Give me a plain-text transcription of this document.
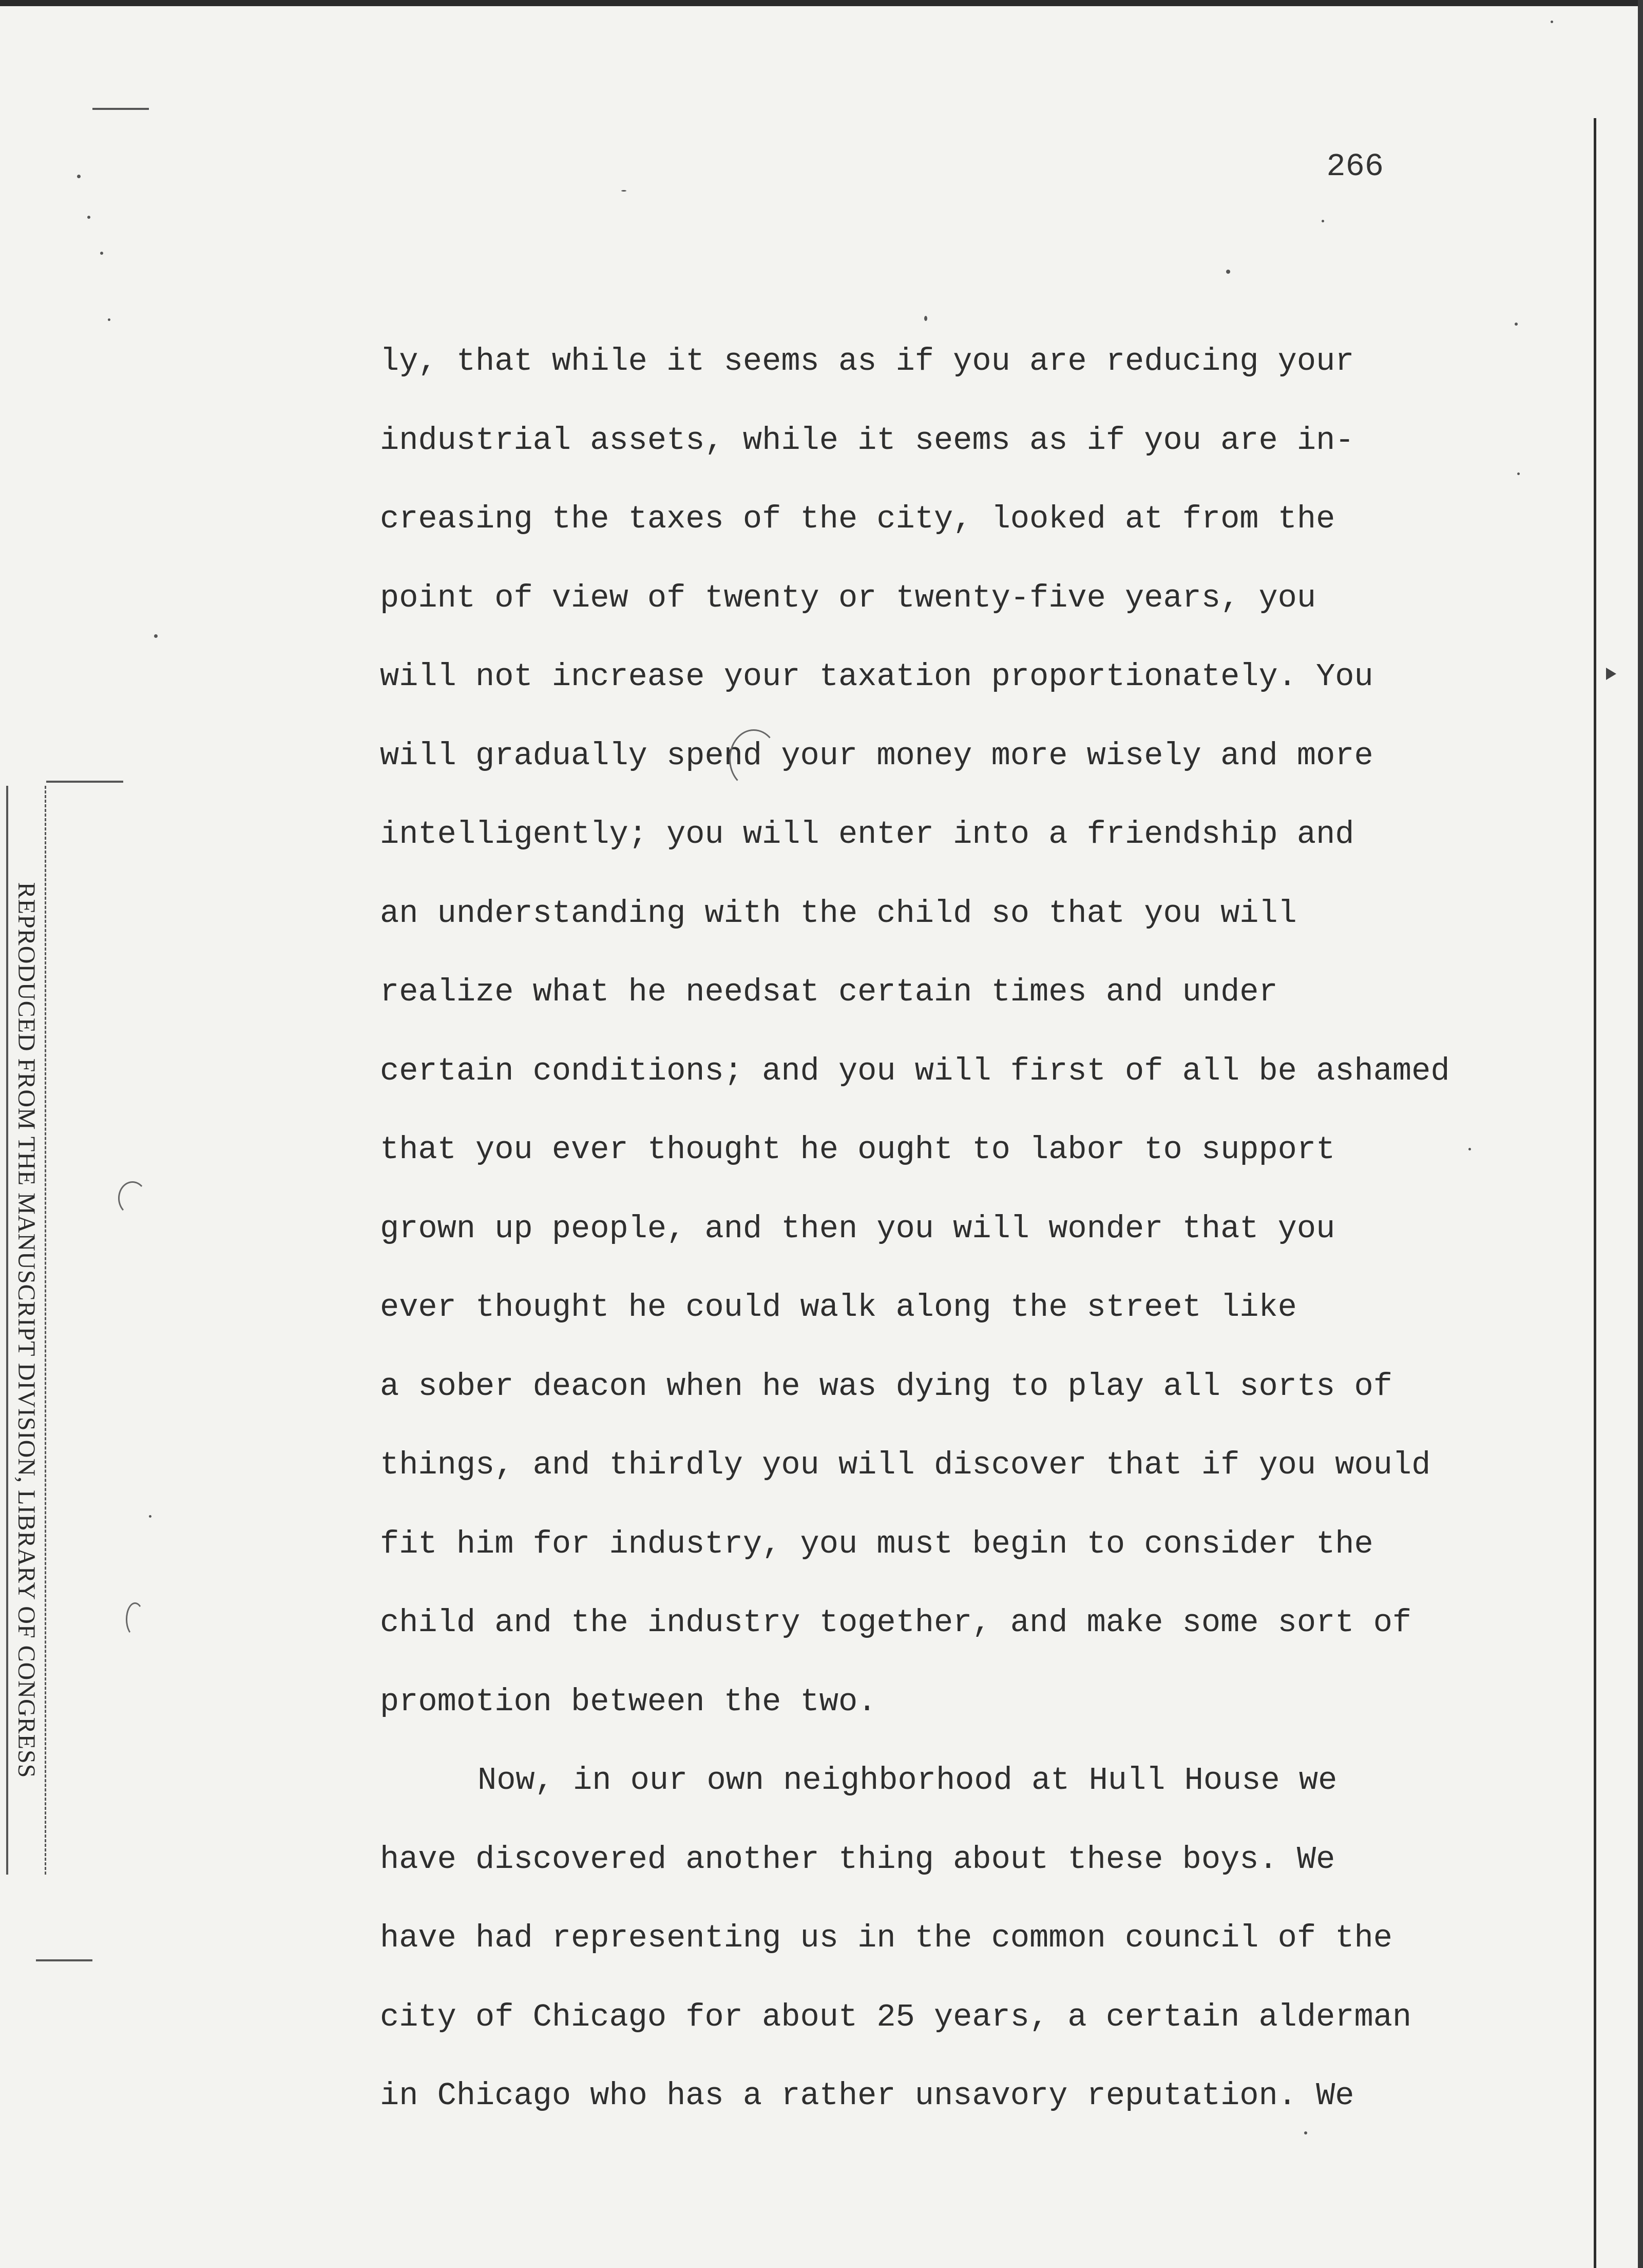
REPRODUCED FROM THE MANUSCRIPT DIVISION, LIBRARY OF CONGRESS
266
ly, that while it seems as if you are reducing your
industrial assets, while it seems as if you are in-
creasing the taxes of the city, looked at from the
point of view of twenty or twenty-five years, you
will not increase your taxation proportionately. You
will gradually spend your money more wisely and more
intelligently; you will enter into a friendship and
an understanding with the child so that you will
realize what he needsat certain times and under
certain conditions; and you will first of all be ashamed
that you ever thought he ought to labor to support
grown up people, and then you will wonder that you
ever thought he could walk along the street like
a sober deacon when he was dying to play all sorts of
things, and thirdly you will discover that if you would
fit him for industry, you must begin to consider the
child and the industry together, and make some sort of
promotion between the two.
Now, in our own neighborhood at Hull House we
have discovered another thing about these boys. We
have had representing us in the common council of the
city of Chicago for about 25 years, a certain alderman
in Chicago who has a rather unsavory reputation. We
